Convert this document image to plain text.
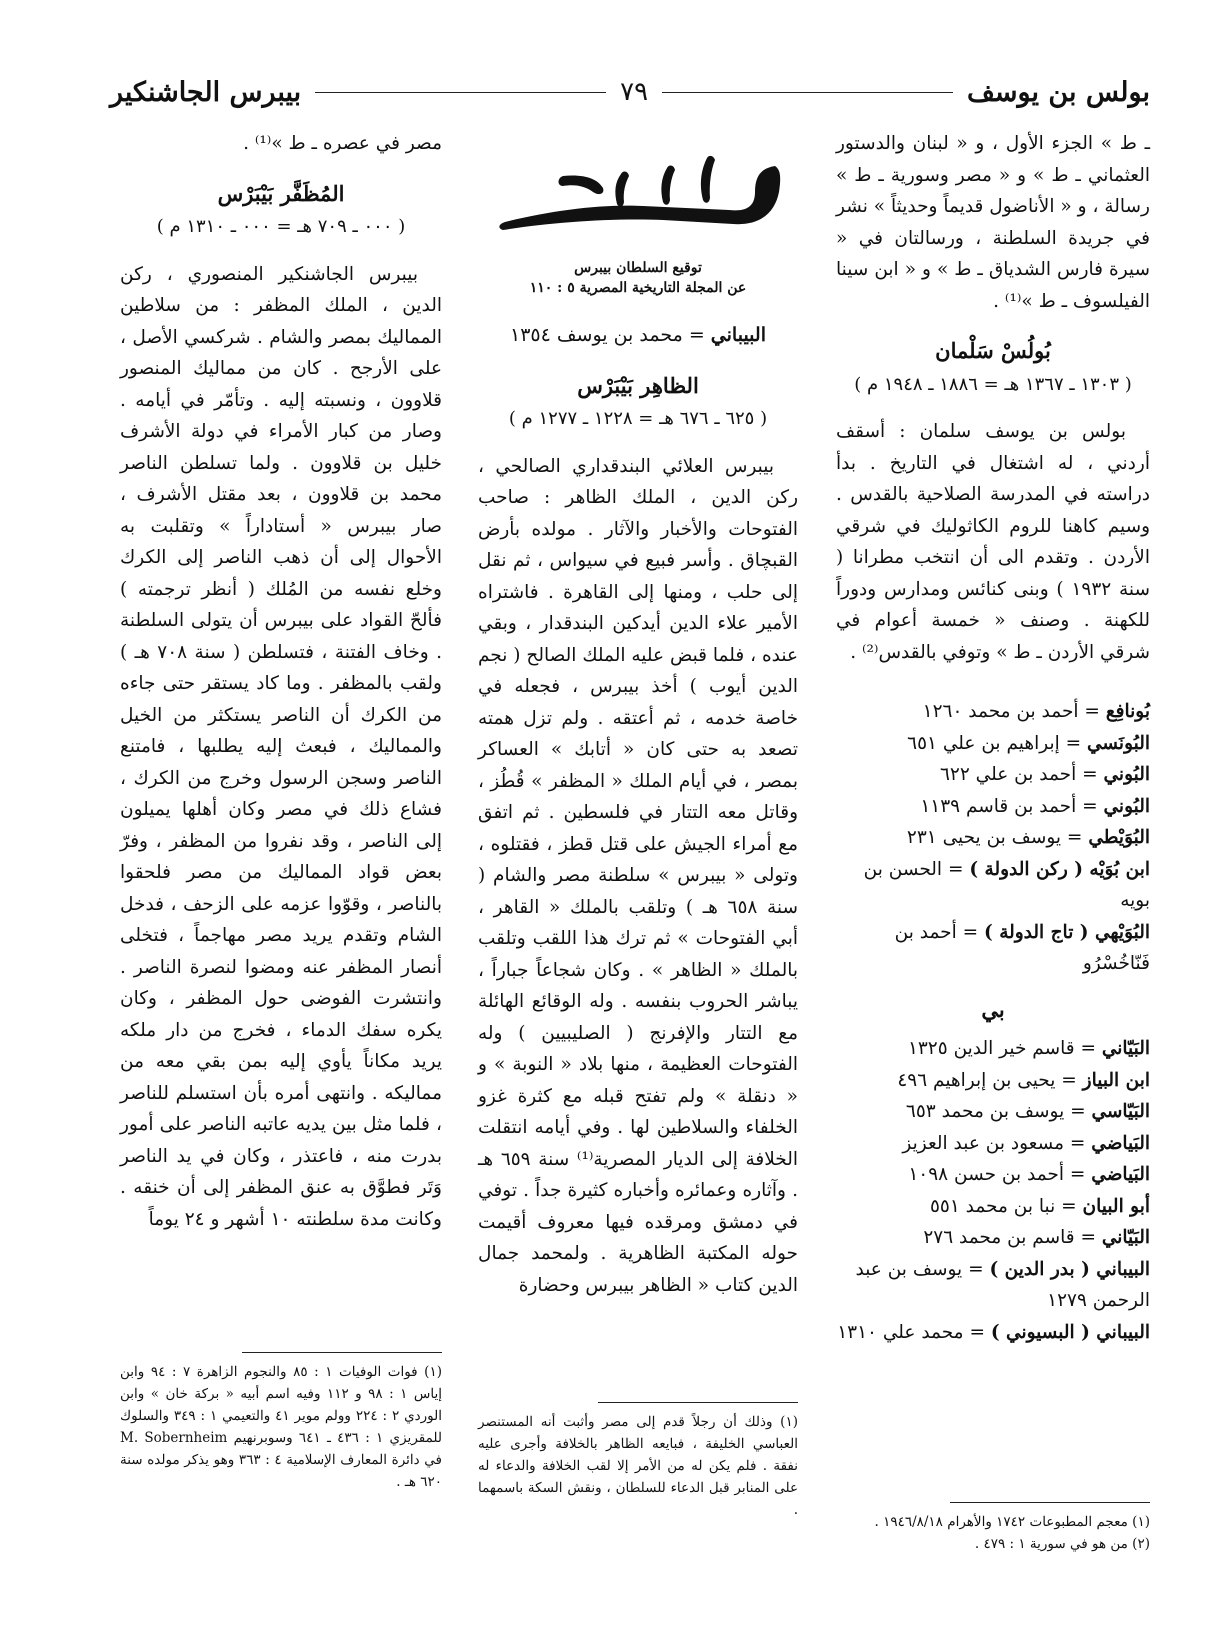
بولس بن يوسف
٧٩
بيبرس الجاشنكير

ـ ط » الجزء الأول ، و « لبنان والدستور العثماني ـ ط » و « مصر وسورية ـ ط » رسالة ، و « الأناضول قديماً وحديثاً » نشر في جريدة السلطنة ، ورسالتان في « سيرة فارس الشدياق ـ ط » و « ابن سينا الفيلسوف ـ ط »⁽¹⁾ .

بُولُسْ سَلْمان
( ١٣٠٣ ـ ١٣٦٧ هـ = ١٨٨٦ ـ ١٩٤٨ م )

بولس بن يوسف سلمان : أسقف أردني ، له اشتغال في التاريخ . بدأ دراسته في المدرسة الصلاحية بالقدس . وسيم كاهنا للروم الكاثوليك في شرقي الأردن . وتقدم الى أن انتخب مطرانا ( سنة ١٩٣٢ ) وبنى كنائس ومدارس ودوراً للكهنة . وصنف « خمسة أعوام في شرقي الأردن ـ ط » وتوفي بالقدس⁽²⁾ .

بُونافِع = أحمد بن محمد ١٢٦٠

البُونَسي = إبراهيم بن علي ٦٥١

البُوني = أحمد بن علي ٦٢٢

البُوني = أحمد بن قاسم ١١٣٩

البُوَيْطي = يوسف بن يحيى ٢٣١

ابن بُوَيْه ( ركن الدولة ) = الحسن بن بويه

البُوَيْهي ( تاج الدولة ) = أحمد بن فَنّاخُسْرُو

بي

البَيّاني = قاسم خير الدين ١٣٢٥

ابن البياز = يحيى بن إبراهيم ٤٩٦

البَيّاسي = يوسف بن محمد ٦٥٣

البَياضي = مسعود بن عبد العزيز

البَياضي = أحمد بن حسن ١٠٩٨

أبو البيان = نبا بن محمد ٥٥١

البَيّاني = قاسم بن محمد ٢٧٦

البيباني ( بدر الدين ) = يوسف بن عبد الرحمن ١٢٧٩

البيباني ( البسيوني ) = محمد علي ١٣١٠

(١) معجم المطبوعات ١٧٤٢ والأهرام ١٩٤٦/٨/١٨ .

(٢) من هو في سورية ١ : ٤٧٩ .

توقيع السلطان بيبرس
عن المجلة التاريخية المصرية ٥ : ١١٠

البيباني = محمد بن يوسف ١٣٥٤
الظاهِر بَيْبَرْس
( ٦٢٥ ـ ٦٧٦ هـ = ١٢٢٨ ـ ١٢٧٧ م )

بيبرس العلائي البندقداري الصالحي ، ركن الدين ، الملك الظاهر : صاحب الفتوحات والأخبار والآثار . مولده بأرض القبچاق . وأسر فبيع في سيواس ، ثم نقل إلى حلب ، ومنها إلى القاهرة . فاشتراه الأمير علاء الدين أيدكين البندقدار ، وبقي عنده ، فلما قبض عليه الملك الصالح ( نجم الدين أيوب ) أخذ بيبرس ، فجعله في خاصة خدمه ، ثم أعتقه . ولم تزل همته تصعد به حتى كان « أتابك » العساكر بمصر ، في أيام الملك « المظفر » قُطُز ، وقاتل معه التتار في فلسطين . ثم اتفق مع أمراء الجيش على قتل قطز ، فقتلوه ، وتولى « بيبرس » سلطنة مصر والشام ( سنة ٦٥٨ هـ ) وتلقب بالملك « القاهر ، أبي الفتوحات » ثم ترك هذا اللقب وتلقب بالملك « الظاهر » . وكان شجاعاً جباراً ، يباشر الحروب بنفسه . وله الوقائع الهائلة مع التتار والإفرنج ( الصليبيين ) وله الفتوحات العظيمة ، منها بلاد « النوبة » و « دنقلة » ولم تفتح قبله مع كثرة غزو الخلفاء والسلاطين لها . وفي أيامه انتقلت الخلافة إلى الديار المصرية⁽¹⁾ سنة ٦٥٩ هـ . وآثاره وعمائره وأخباره كثيرة جداً . توفي في دمشق ومرقده فيها معروف أقيمت حوله المكتبة الظاهرية . ولمحمد جمال الدين كتاب « الظاهر بيبرس وحضارة

(١) وذلك أن رجلاً قدم إلى مصر وأثبت أنه المستنصر العباسي الخليفة ، فبايعه الظاهر بالخلافة وأجرى عليه نفقة . فلم يكن له من الأمر إلا لقب الخلافة والدعاء له على المنابر قبل الدعاء للسلطان ، ونقش السكة باسمهما .

مصر في عصره ـ ط »⁽¹⁾ .

المُظَفَّر بَيْبَرْس
( ٠٠٠ ـ ٧٠٩ هـ = ٠٠٠ ـ ١٣١٠ م )

بيبرس الجاشنكير المنصوري ، ركن الدين ، الملك المظفر : من سلاطين المماليك بمصر والشام . شركسي الأصل ، على الأرجح . كان من مماليك المنصور قلاوون ، ونسبته إليه . وتأمّر في أيامه . وصار من كبار الأمراء في دولة الأشرف خليل بن قلاوون . ولما تسلطن الناصر محمد بن قلاوون ، بعد مقتل الأشرف ، صار بيبرس « أستاداراً » وتقلبت به الأحوال إلى أن ذهب الناصر إلى الكرك وخلع نفسه من المُلك ( أنظر ترجمته ) فألحّ القواد على بيبرس أن يتولى السلطنة . وخاف الفتنة ، فتسلطن ( سنة ٧٠٨ هـ ) ولقب بالمظفر . وما كاد يستقر حتى جاءه من الكرك أن الناصر يستكثر من الخيل والمماليك ، فبعث إليه يطلبها ، فامتنع الناصر وسجن الرسول وخرج من الكرك ، فشاع ذلك في مصر وكان أهلها يميلون إلى الناصر ، وقد نفروا من المظفر ، وفرّ بعض قواد المماليك من مصر فلحقوا بالناصر ، وقوّوا عزمه على الزحف ، فدخل الشام وتقدم يريد مصر مهاجماً ، فتخلى أنصار المظفر عنه ومضوا لنصرة الناصر . وانتشرت الفوضى حول المظفر ، وكان يكره سفك الدماء ، فخرج من دار ملكه يريد مكاناً يأوي إليه بمن بقي معه من مماليكه . وانتهى أمره بأن استسلم للناصر ، فلما مثل بين يديه عاتبه الناصر على أمور بدرت منه ، فاعتذر ، وكان في يد الناصر وَتَر فطوَّق به عنق المظفر إلى أن خنقه . وكانت مدة سلطنته ١٠ أشهر و ٢٤ يوماً

(١) فوات الوفيات ١ : ٨٥ والنجوم الزاهرة ٧ : ٩٤ وابن إياس ١ : ٩٨ و ١١٢ وفيه اسم أبيه « بركة خان » وابن الوردي ٢ : ٢٢٤ وولم موير ٤١ والتعيمي ١ : ٣٤٩ والسلوك للمقريزي ١ : ٤٣٦ ـ ٦٤١ وسوبرنهيم M. Sobernheim في دائرة المعارف الإسلامية ٤ : ٣٦٣ وهو يذكر مولده سنة ٦٢٠ هـ .
